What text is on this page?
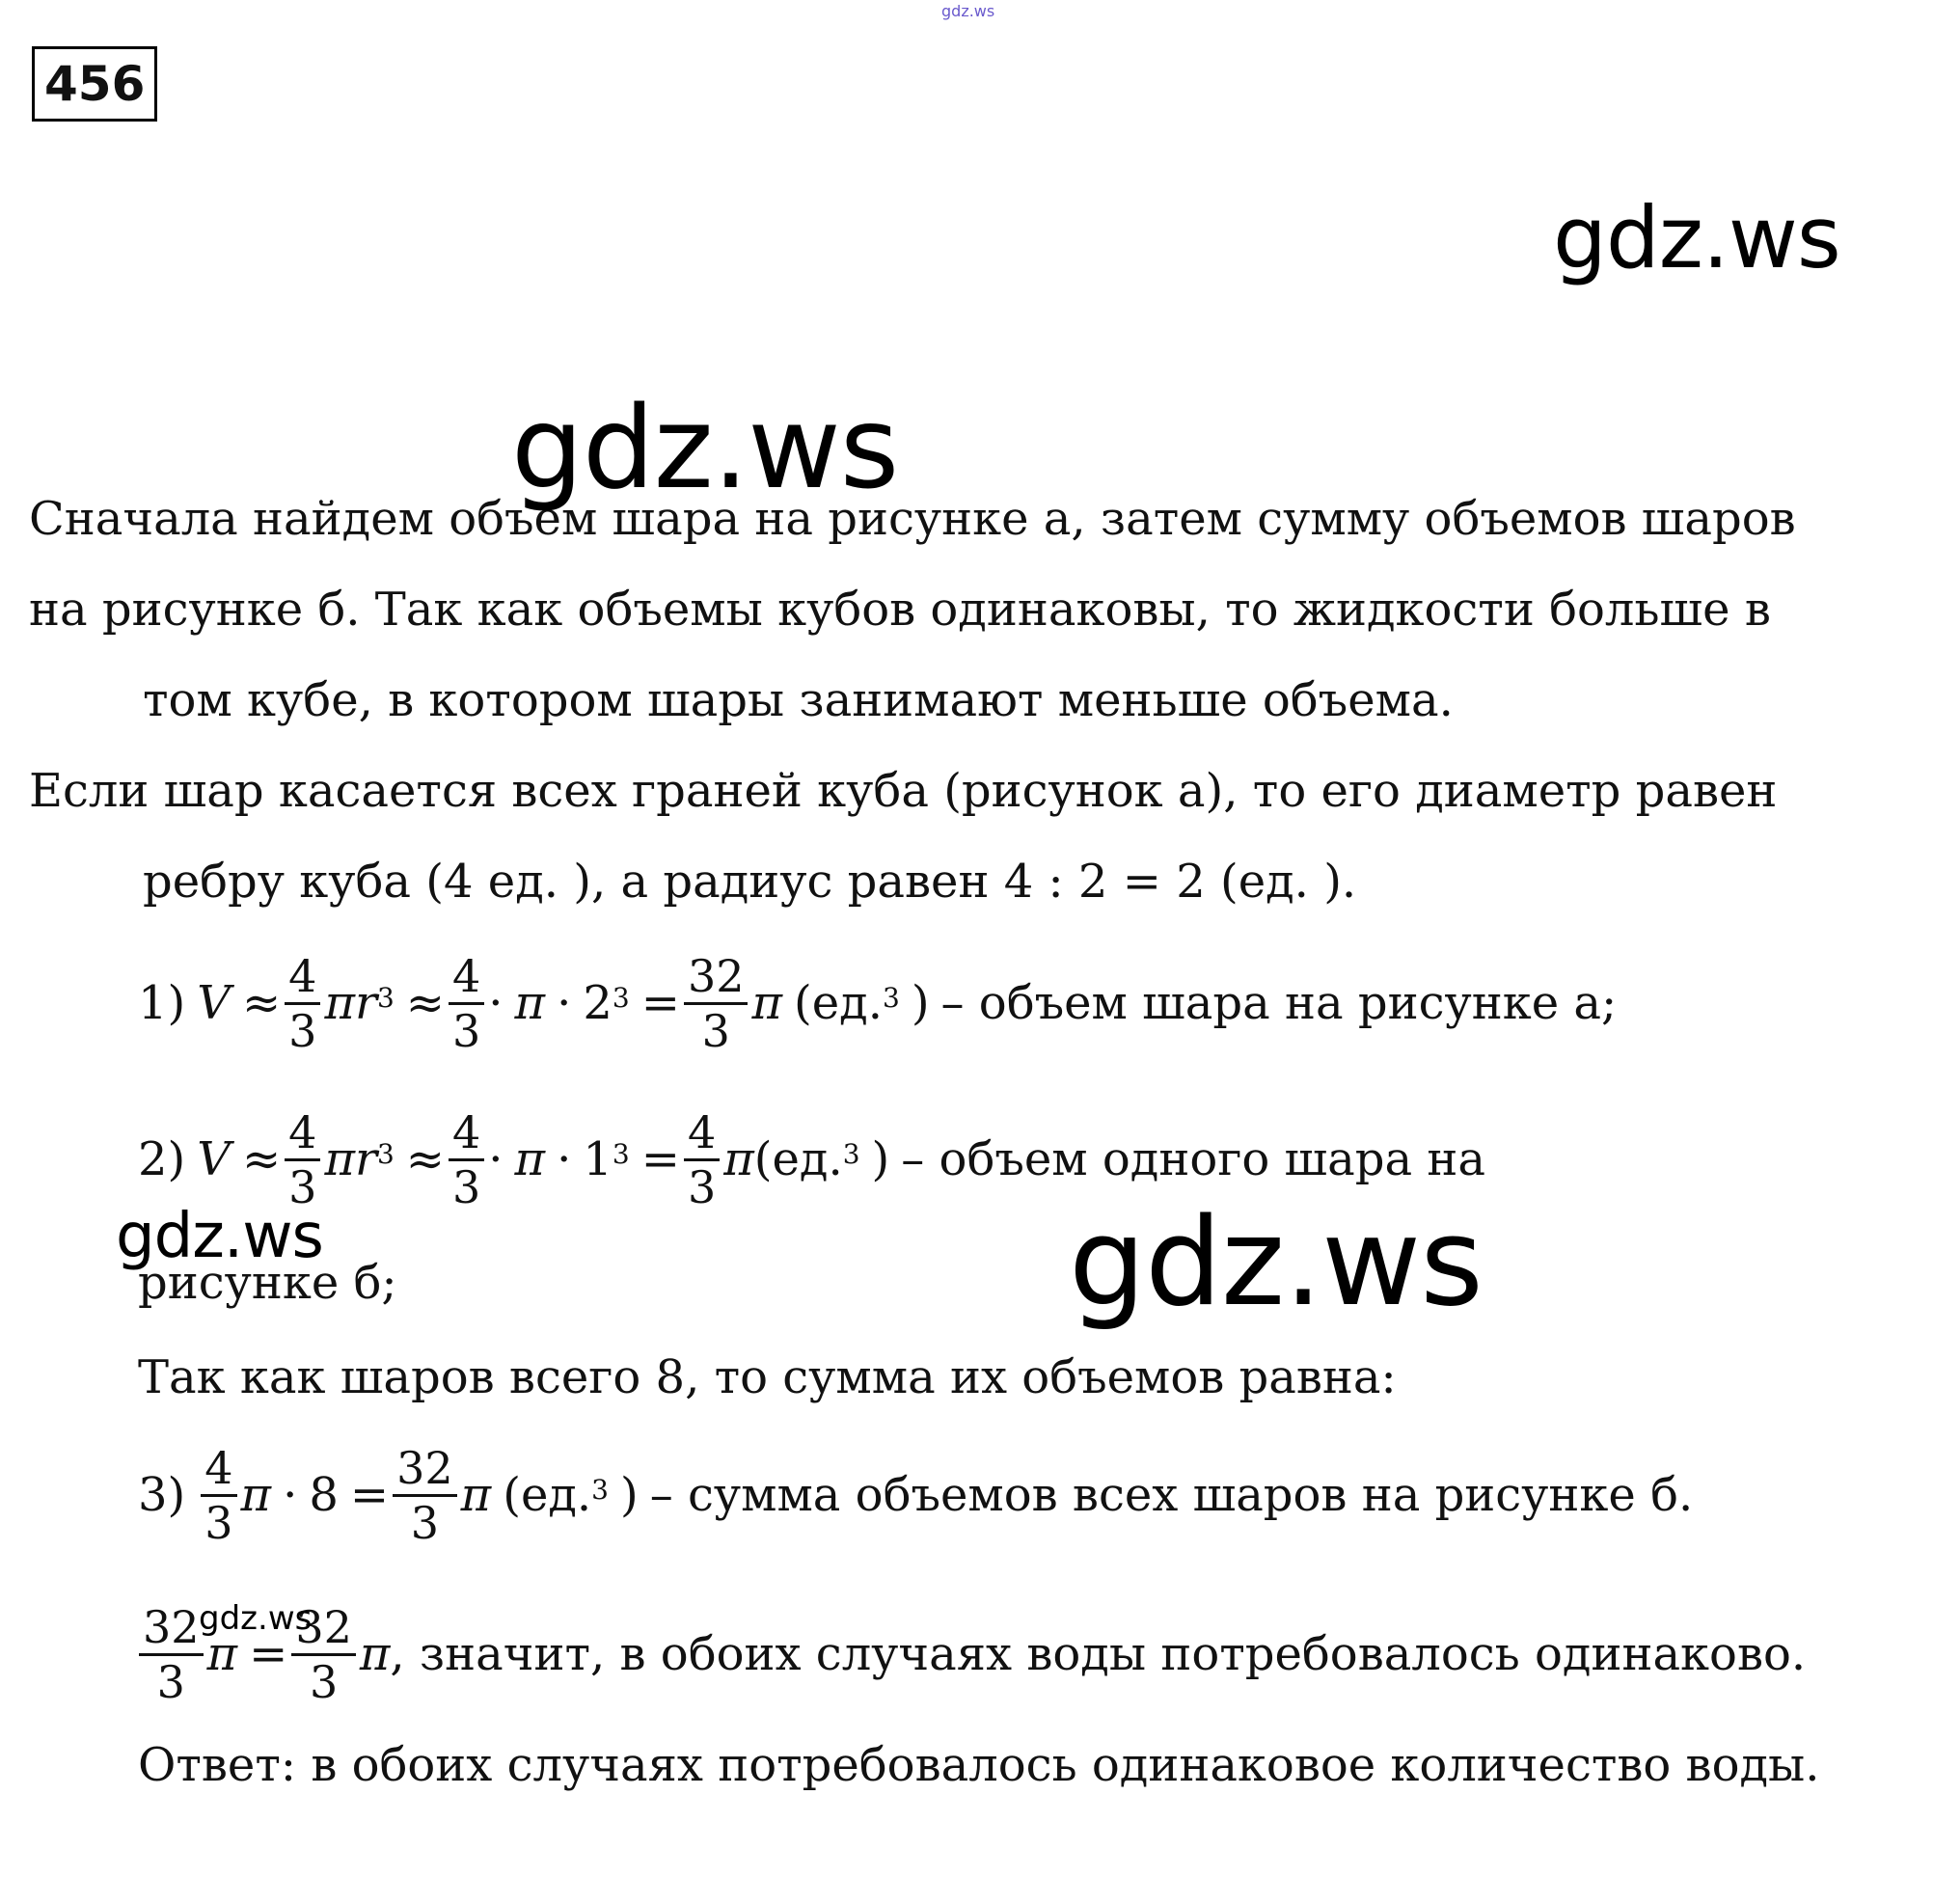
gdz.ws
456
gdz.ws
gdz.ws
Сначала найдем объем шара на рисунке а, затем сумму объемов шаров
на рисунке б. Так как объемы кубов одинаковы, то жидкости больше в
том кубе, в котором шары занимают меньше объема.
Если шар касается всех граней куба (рисунок а), то его диаметр равен
ребру куба (4 ед. ), а радиус равен 4 : 2 = 2 (ед. ).
1) $V \approx \frac{4}{3}$ π $r^3 \approx \frac{4}{3} \cdot \pi \cdot 2^3 = \frac{32}{3}$ π (ед.$^3$ ) – объем шара на рисунке а;
2) $V \approx \frac{4}{3}$ π $r^3 \approx \frac{4}{3} \cdot \pi \cdot 1^3 = \frac{4}{3}$ π (ед.$^3$ ) – объем одного шара на
gdz.ws	gdz.ws
рисунке б;
Так как шаров всего 8, то сумма их объемов равна:
$3) \frac{4}{3}$ $\pi \cdot 8 = \frac{32}{3}$ π (ед.$^3$ ) – сумма объемов всех шаров на рисунке б.
$\frac{32}{3}$ $\pi = \frac{32}{3}$ π , значит, в обоих случаях воды потребовалось одинаково.
gdz.ws
Ответ: в обоих случаях потребовалось одинаковое количество воды.
